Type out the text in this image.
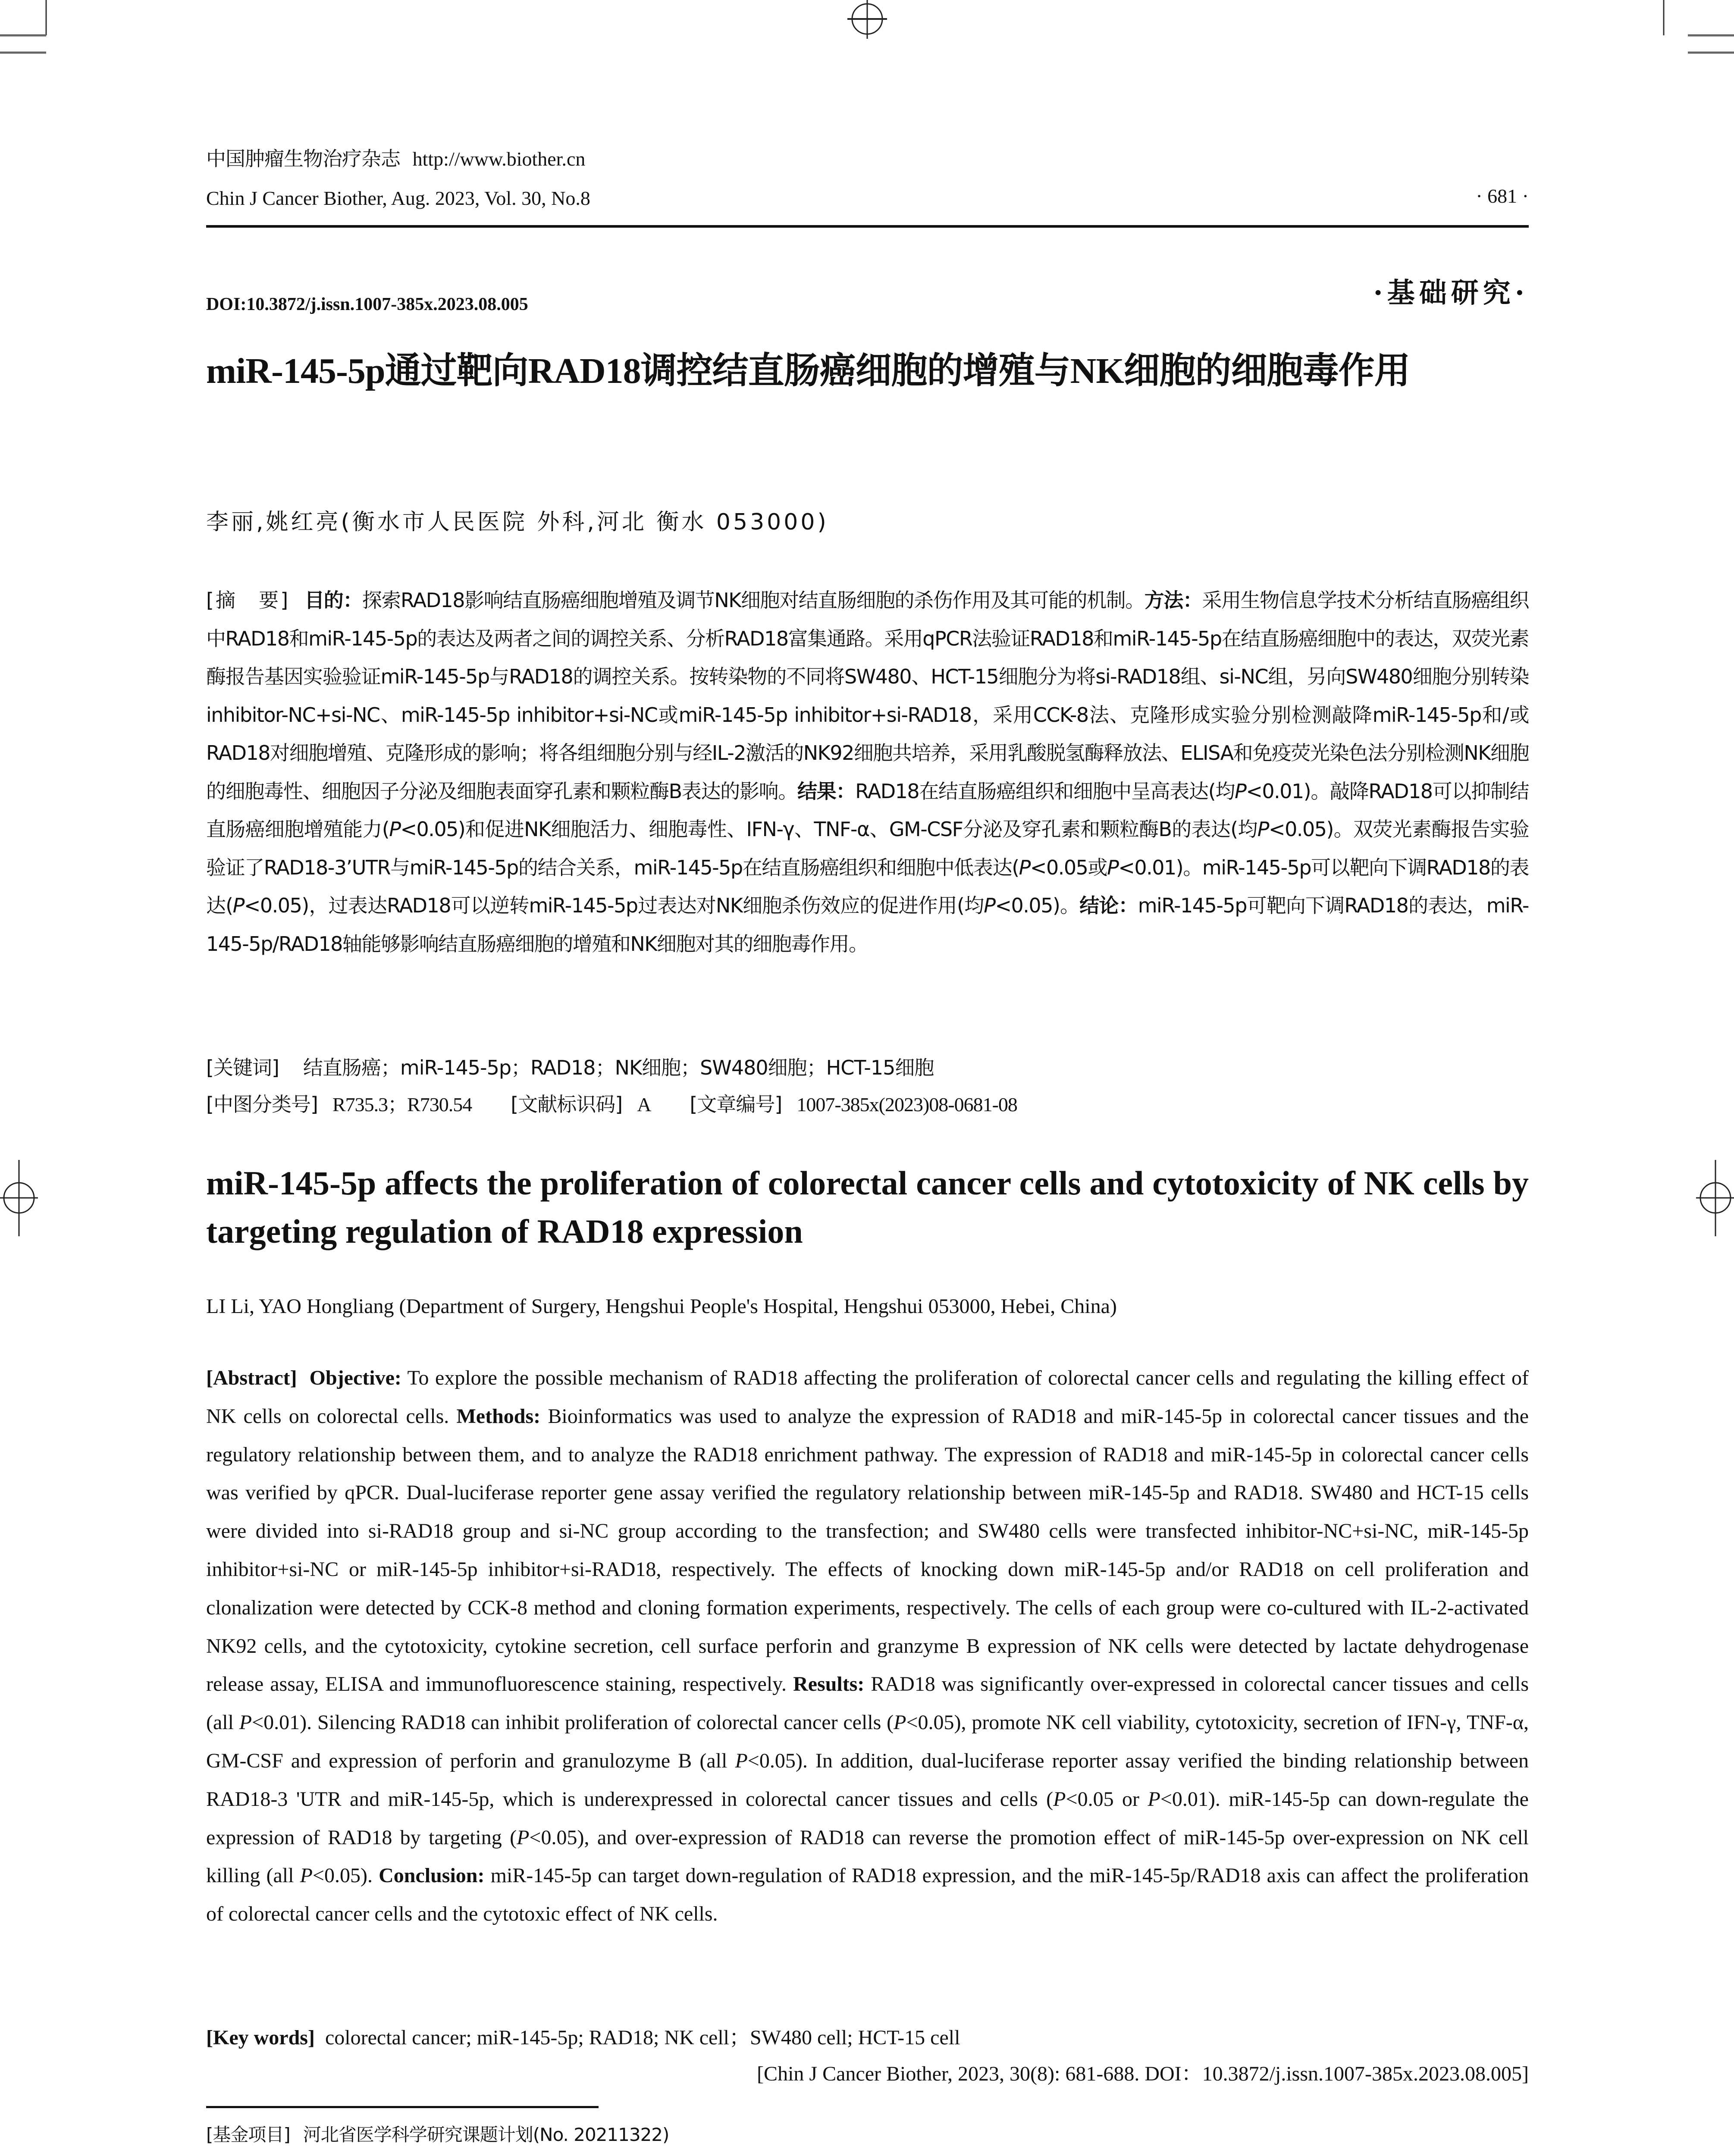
中国肿瘤生物治疗杂志 http://www.biother.cn
Chin J Cancer Biother, Aug. 2023, Vol. 30, No.8	· 681 ·
DOI:10.3872/j.issn.1007-385x.2023.08.005	·基础研究·
miR-145-5p通过靶向RAD18调控结直肠癌细胞的增殖与NK细胞的细胞毒作用
李丽,姚红亮(衡水市人民医院 外科,河北 衡水 053000)
[摘　要] 目的：探索RAD18影响结直肠癌细胞增殖及调节NK细胞对结直肠细胞的杀伤作用及其可能的机制。方法：采用生物信息学技术分析结直肠癌组织中RAD18和miR-145-5p的表达及两者之间的调控关系、分析RAD18富集通路。采用qPCR法验证RAD18和miR-145-5p在结直肠癌细胞中的表达，双荧光素酶报告基因实验验证miR-145-5p与RAD18的调控关系。按转染物的不同将SW480、HCT-15细胞分为将si-RAD18组、si-NC组，另向SW480细胞分别转染inhibitor-NC+si-NC、miR-145-5p inhibitor+si-NC或miR-145-5p inhibitor+si-RAD18，采用CCK-8法、克隆形成实验分别检测敲降miR-145-5p和/或RAD18对细胞增殖、克隆形成的影响；将各组细胞分别与经IL-2激活的NK92细胞共培养，采用乳酸脱氢酶释放法、ELISA和免疫荧光染色法分别检测NK细胞的细胞毒性、细胞因子分泌及细胞表面穿孔素和颗粒酶B表达的影响。结果：RAD18在结直肠癌组织和细胞中呈高表达(均P<0.01)。敲降RAD18可以抑制结直肠癌细胞增殖能力(P<0.05)和促进NK细胞活力、细胞毒性、IFN-γ、TNF-α、GM-CSF分泌及穿孔素和颗粒酶B的表达(均P<0.05)。双荧光素酶报告实验验证了RAD18-3’UTR与miR-145-5p的结合关系，miR-145-5p在结直肠癌组织和细胞中低表达(P<0.05或P<0.01)。miR-145-5p可以靶向下调RAD18的表达(P<0.05)，过表达RAD18可以逆转miR-145-5p过表达对NK细胞杀伤效应的促进作用(均P<0.05)。结论：miR-145-5p可靶向下调RAD18的表达，miR-145-5p/RAD18轴能够影响结直肠癌细胞的增殖和NK细胞对其的细胞毒作用。
[关键词] 结直肠癌；miR-145-5p；RAD18；NK细胞；SW480细胞；HCT-15细胞
[中图分类号] R735.3；R730.54 [文献标识码] A [文章编号] 1007-385x(2023)08-0681-08
miR-145-5p affects the proliferation of colorectal cancer cells and cytotoxicity of NK cells by targeting regulation of RAD18 expression
LI Li, YAO Hongliang (Department of Surgery, Hengshui People's Hospital, Hengshui 053000, Hebei, China)
[Abstract] Objective: To explore the possible mechanism of RAD18 affecting the proliferation of colorectal cancer cells and regulating the killing effect of NK cells on colorectal cells. Methods: Bioinformatics was used to analyze the expression of RAD18 and miR-145-5p in colorectal cancer tissues and the regulatory relationship between them, and to analyze the RAD18 enrichment pathway. The expression of RAD18 and miR-145-5p in colorectal cancer cells was verified by qPCR. Dual-luciferase reporter gene assay verified the regulatory relationship between miR-145-5p and RAD18. SW480 and HCT-15 cells were divided into si-RAD18 group and si-NC group according to the transfection; and SW480 cells were transfected inhibitor-NC+si-NC, miR-145-5p inhibitor+si-NC or miR-145-5p inhibitor+si-RAD18, respectively. The effects of knocking down miR-145-5p and/or RAD18 on cell proliferation and clonalization were detected by CCK-8 method and cloning formation experiments, respectively. The cells of each group were co-cultured with IL-2-activated NK92 cells, and the cytotoxicity, cytokine secretion, cell surface perforin and granzyme B expression of NK cells were detected by lactate dehydrogenase release assay, ELISA and immunofluorescence staining, respectively. Results: RAD18 was significantly over-expressed in colorectal cancer tissues and cells (all P<0.01). Silencing RAD18 can inhibit proliferation of colorectal cancer cells (P<0.05), promote NK cell viability, cytotoxicity, secretion of IFN-γ, TNF-α, GM-CSF and expression of perforin and granulozyme B (all P<0.05). In addition, dual-luciferase reporter assay verified the binding relationship between RAD18-3 'UTR and miR-145-5p, which is underexpressed in colorectal cancer tissues and cells (P<0.05 or P<0.01). miR-145-5p can down-regulate the expression of RAD18 by targeting (P<0.05), and over-expression of RAD18 can reverse the promotion effect of miR-145-5p over-expression on NK cell killing (all P<0.05). Conclusion: miR-145-5p can target down-regulation of RAD18 expression, and the miR-145-5p/RAD18 axis can affect the proliferation of colorectal cancer cells and the cytotoxic effect of NK cells.
[Key words] colorectal cancer; miR-145-5p; RAD18; NK cell；SW480 cell; HCT-15 cell
[Chin J Cancer Biother, 2023, 30(8): 681-688. DOI：10.3872/j.issn.1007-385x.2023.08.005]
[基金项目] 河北省医学科学研究课题计划(No. 20211322)
